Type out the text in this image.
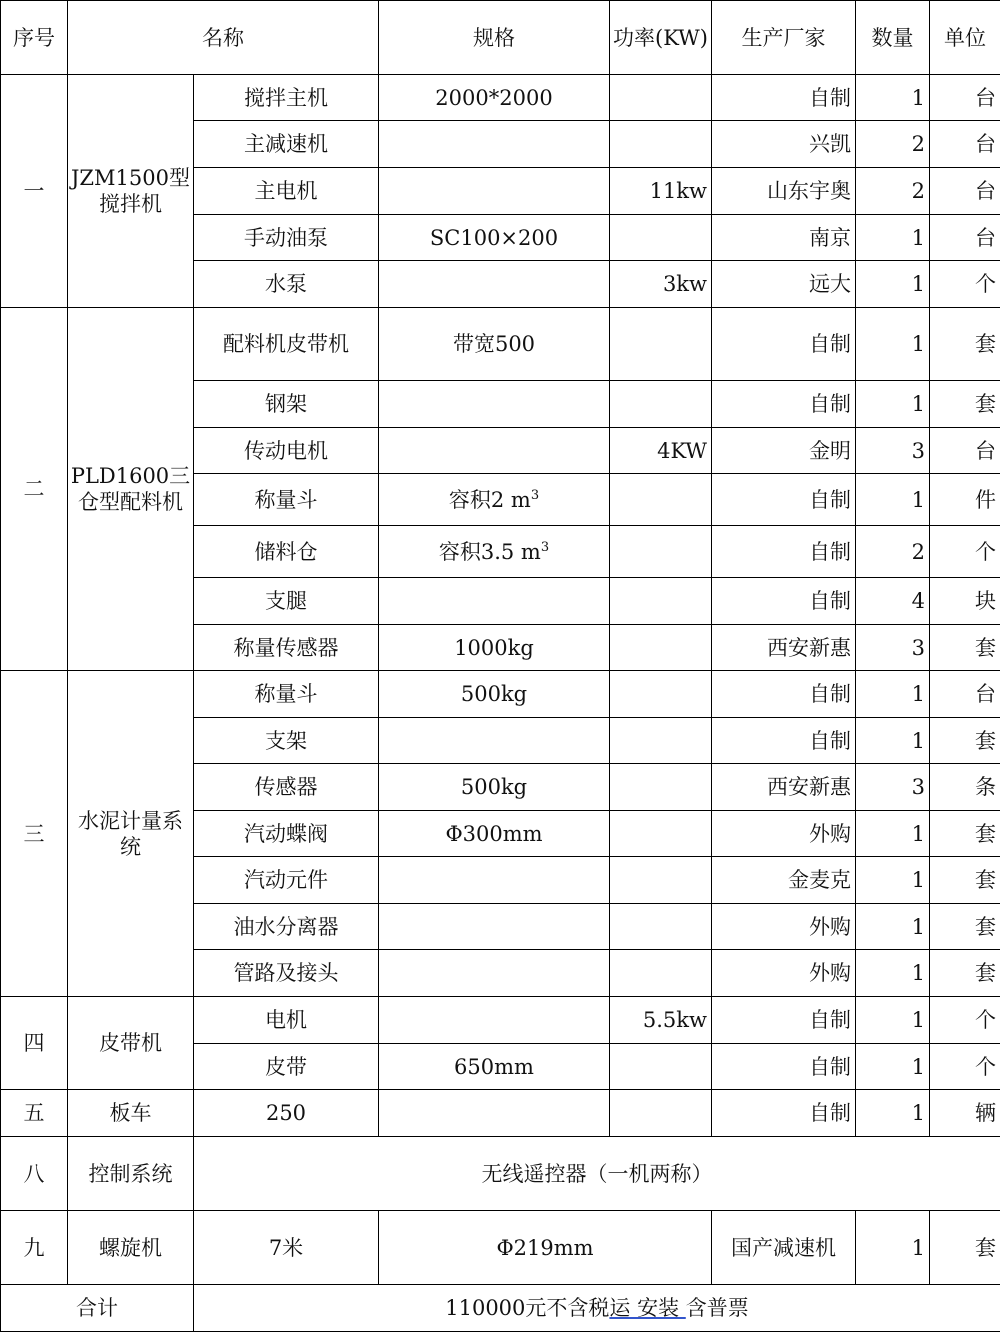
序号	名称		规格	功率(KW)	生产厂家	数量	单位
一	JZM1500型搅拌机	搅拌主机	2000*2000		自制	1	台
		主减速机			兴凯	2	台
		主电机		11kw	山东宇奥	2	台
		手动油泵	SC100×200		南京	1	台
		水泵		3kw	远大	1	个
二	PLD1600三仓型配料机	配料机皮带机	带宽500		自制	1	套
		钢架			自制	1	套
		传动电机		4KW	金明	3	台
		称量斗	容积2 $m^3$		自制	1	件
		储料仓	容积3.5 $m^3$		自制	2	个
		支腿			自制	4	块
		称量传感器	1000kg		西安新惠	3	套
三	水泥计量系统	称量斗	500kg		自制	1	台
		支架			自制	1	套
		传感器	500kg		西安新惠	3	条
		汽动蝶阀	Φ300mm		外购	1	套
		汽动元件			金麦克	1	套
		油水分离器			外购	1	套
		管路及接头			外购	1	套
四	皮带机	电机		5.5kw	自制	1	个
		皮带	650mm		自制	1	个
五	板车	250			自制	1	辆
八	控制系统	无线遥控器（一机两称）					
九	螺旋机	7米	Φ219mm		国产减速机	1	套
合计		110000元不含税运 安装 含普票					
